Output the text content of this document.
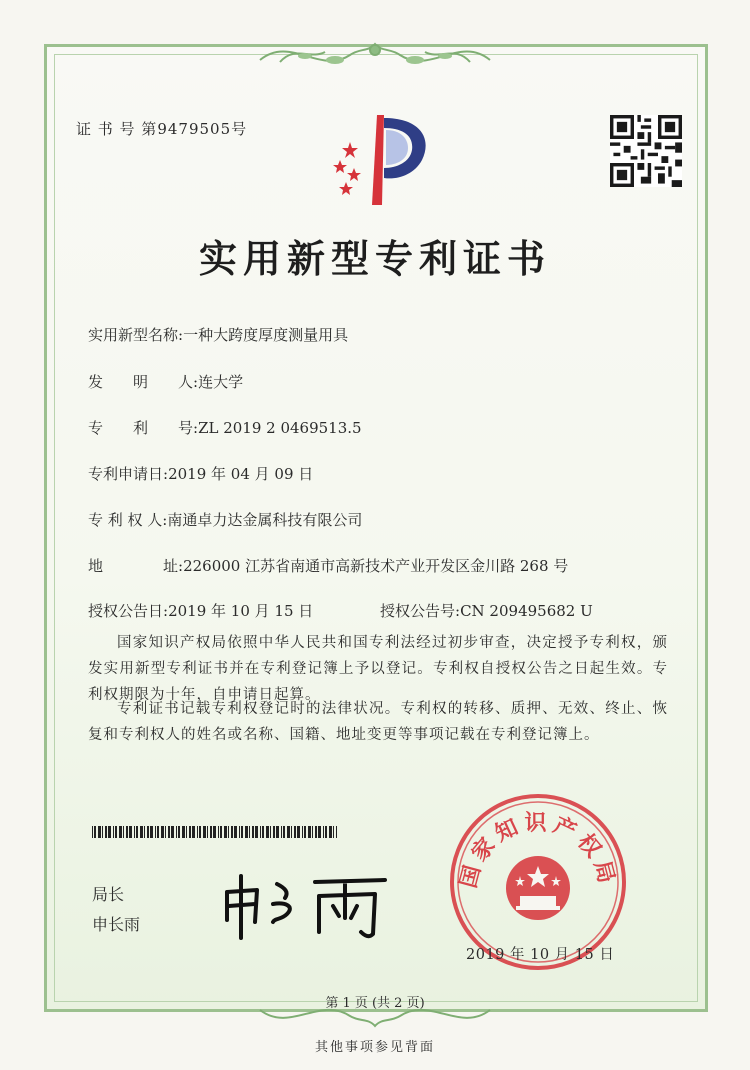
证 书 号 第9479505号
实用新型专利证书
实用新型名称:一种大跨度厚度测量用具
发　　明　　人:连大学
专　　利　　号:ZL 2019 2 0469513.5
专利申请日:2019 年 04 月 09 日
专 利 权 人:南通卓力达金属科技有限公司
地　　　　址:226000 江苏省南通市高新技术产业开发区金川路 268 号
授权公告日:2019 年 10 月 15 日	授权公告号:CN 209495682 U
国家知识产权局依照中华人民共和国专利法经过初步审查，决定授予专利权，颁发实用新型专利证书并在专利登记簿上予以登记。专利权自授权公告之日起生效。专利权期限为十年，自申请日起算。
专利证书记载专利权登记时的法律状况。专利权的转移、质押、无效、终止、恢复和专利权人的姓名或名称、国籍、地址变更等事项记载在专利登记簿上。
局长
申长雨
国家知识产权局
2019 年 10 月 15 日
第 1 页 (共 2 页)
其他事项参见背面
